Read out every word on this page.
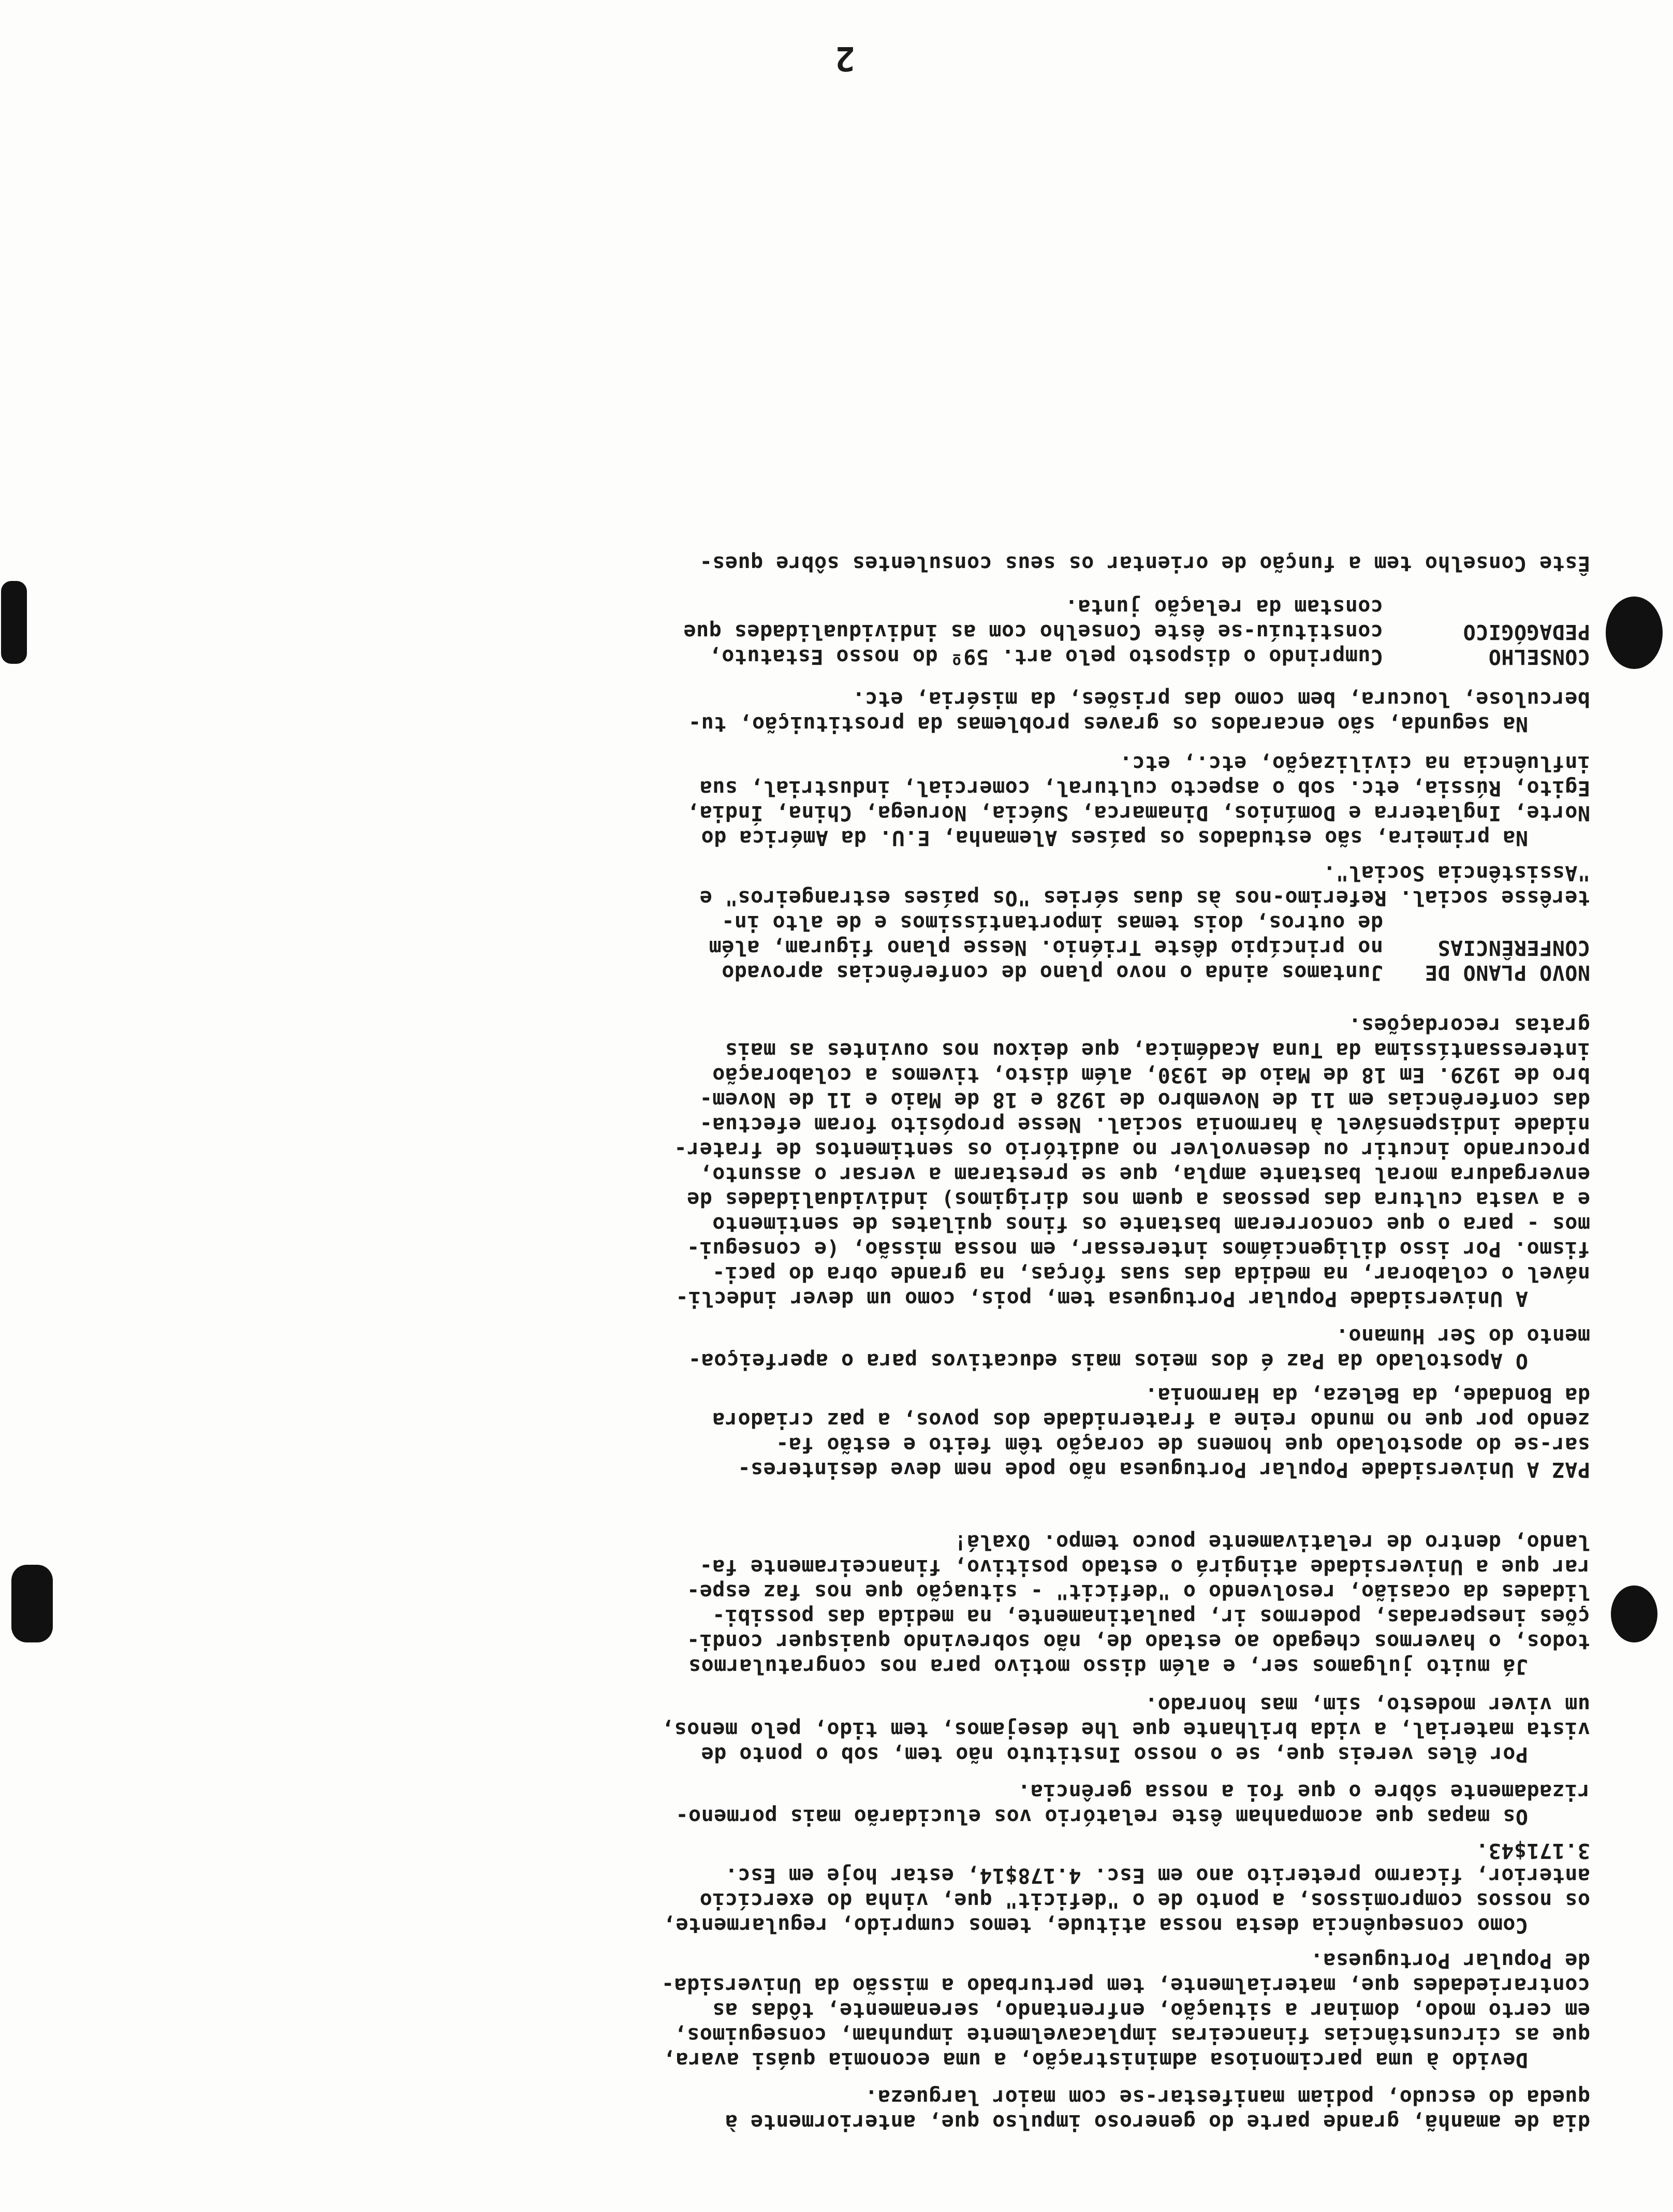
dia de amanhã, grande parte do generoso impulso que, anteriormente à
queda do escudo, podiam manifestar-se com maior largueza.
Devido à uma parcimoniosa administração, a uma economia quási avara,
que as circunstâncias financeiras implacavelmente impunham, conseguimos,
em certo modo, dominar a situação, enfrentando, serenamente, tôdas as
contrariedades que, materialmente, tem perturbado a missão da Universida-
de Popular Portuguesa.
Como consequência desta nossa atitude, temos cumprido, regularmente,
os nossos compromissos, a ponto de o "deficit" que, vinha do exercício
anterior, ficarmo preterito ano em Esc. 4.178$14, estar hoje em Esc.
3.171$43.
Os mapas que acompanham êste relatório vos elucidarão mais pormeno-
rizadamente sôbre o que foi a nossa gerência.
Por êles vereis que, se o nosso Instituto não tem, sob o ponto de
vista material, a vida brilhante que lhe desejamos, tem tido, pelo menos,
um viver modesto, sim, mas honrado.
Já muito julgamos ser, e além disso motivo para nos congratularmos
todos, o havermos chegado ao estado de, não sobrevindo quaisquer condi-
ções inesperadas, podermos ir, paulatinamente, na medida das possibi-
lidades da ocasião, resolvendo o "deficit" - situação que nos faz espe-
rar que a Universidade atingirá o estado positivo, financeiramente fa-
lando, dentro de relativamente pouco tempo. Oxalá!
PAZ A Universidade Popular Portuguesa não pode nem deve desinteres-
sar-se do apostolado que homens de coração têm feito e estão fa-
zendo por que no mundo reine a fraternidade dos povos, a paz criadora
da Bondade, da Beleza, da Harmonia.
O Apostolado da Paz é dos meios mais educativos para o aperfeiçoa-
mento do Ser Humano.
A Universidade Popular Portuguesa tem, pois, como um dever indecli-
nável o colaborar, na medida das suas fôrças, na grande obra do paci-
fismo. Por isso diligenciámos interessar, em nossa missão, (e consegui-
mos - para o que concorreram bastante os finos quilates de sentimento
e a vasta cultura das pessoas a quem nos dirigimos) individualidades de
envergadura moral bastante ampla, que se prestaram a versar o assunto,
procurando incutir ou desenvolver no auditório os sentimentos de frater-
nidade indispensável à harmonia social. Nesse propósito foram efectua-
das conferências em 11 de Novembro de 1928 e 18 de Maio e 11 de Novem-
bro de 1929. Em 18 de Maio de 1930, além disto, tivemos a colaboração
interessantíssima da Tuna Académica, que deixou nos ouvintes as mais
gratas recordações.
NOVO PLANO DEJuntamos ainda o novo plano de conferências aprovado
CONFERÊNCIASno princípio dêste Triénio. Nesse plano figuram, além
de outros, dois temas importantíssimos e de alto in-
terêsse social. Referimo-nos às duas séries "Os países estrangeiros" e
"Assistência Social".
Na primeira, são estudados os países Alemanha, E.U. da América do
Norte, Inglaterra e Domínios, Dinamarca, Suécia, Noruega, China, Índia,
Egito, Rússia, etc. sob o aspecto cultural, comercial, industrial, sua
influência na civilização, etc., etc.
Na segunda, são encarados os graves problemas da prostituição, tu-
berculose, loucura, bem como das prisões, da miséria, etc.
CONSELHOCumprindo o disposto pelo art. 59º do nosso Estatuto,
PEDAGÓGICOconstituíu-se êste Conselho com as individualidades que
constam da relação junta.
Êste Conselho tem a função de orientar os seus consulentes sôbre ques-
2
